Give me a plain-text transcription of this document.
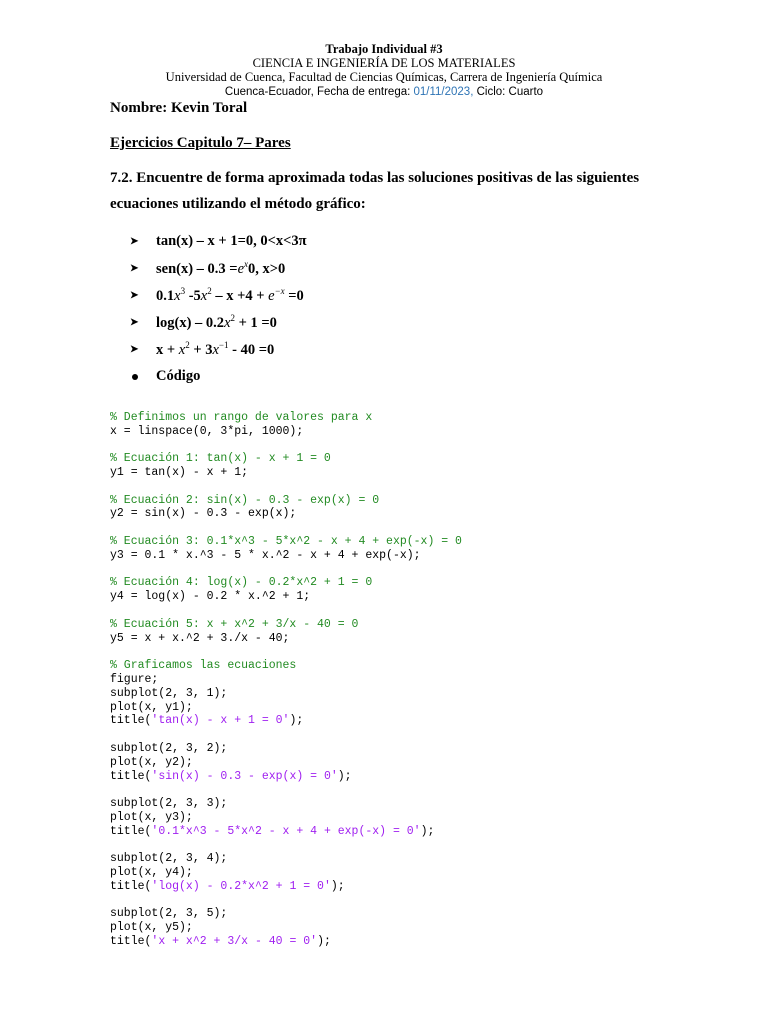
Trabajo Individual #3
CIENCIA E INGENIERÍA DE LOS MATERIALES
Universidad de Cuenca, Facultad de Ciencias Químicas, Carrera de Ingeniería Química
Cuenca-Ecuador, Fecha de entrega: 01/11/2023, Ciclo: Cuarto
Nombre: Kevin Toral
Ejercicios Capitulo 7– Pares
7.2. Encuentre de forma aproximada todas las soluciones positivas de las siguientes
ecuaciones utilizando el método gráfico:
➤ tan(x) – x + 1=0, 0<x<3π
➤ $sen(x) - 0.3 =e^x0$, x>0
➤ $0.1x^3$ $-5x^2 - x +4 + e^{-x} =0$
➤ $\log(x) - 0.2x^2 + 1 =0$
➤ $x + x^2 + 3x^{-1} - 40 =0$
Código

% Definimos un rango de valores para x
x = linspace(0, 3*pi, 1000);
% Ecuación 1: tan(x) - x + 1 = 0
y1 = tan(x) - x + 1;
% Ecuación 2: sin(x) - 0.3 - exp(x) = 0
y2 = sin(x) - 0.3 - exp(x);
% Ecuación 3: 0.1*x^3 - 5*x^2 - x + 4 + exp(-x) = 0
y3 = 0.1 * x.^3 - 5 * x.^2 - x + 4 + exp(-x);
% Ecuación 4: log(x) - 0.2*x^2 + 1 = 0
y4 = log(x) - 0.2 * x.^2 + 1;
% Ecuación 5: x + x^2 + 3/x - 40 = 0
y5 = x + x.^2 + 3./x - 40;
% Graficamos las ecuaciones
figure;
subplot(2, 3, 1);
plot(x, y1);
title('tan(x) - x + 1 = 0');
subplot(2, 3, 2);
plot(x, y2);
title('sin(x) - 0.3 - exp(x) = 0');
subplot(2, 3, 3);
plot(x, y3);
title('0.1*x^3 - 5*x^2 - x + 4 + exp(-x) = 0');
subplot(2, 3, 4);
plot(x, y4);
title('log(x) - 0.2*x^2 + 1 = 0');
subplot(2, 3, 5);
plot(x, y5);
title('x + x^2 + 3/x - 40 = 0');
